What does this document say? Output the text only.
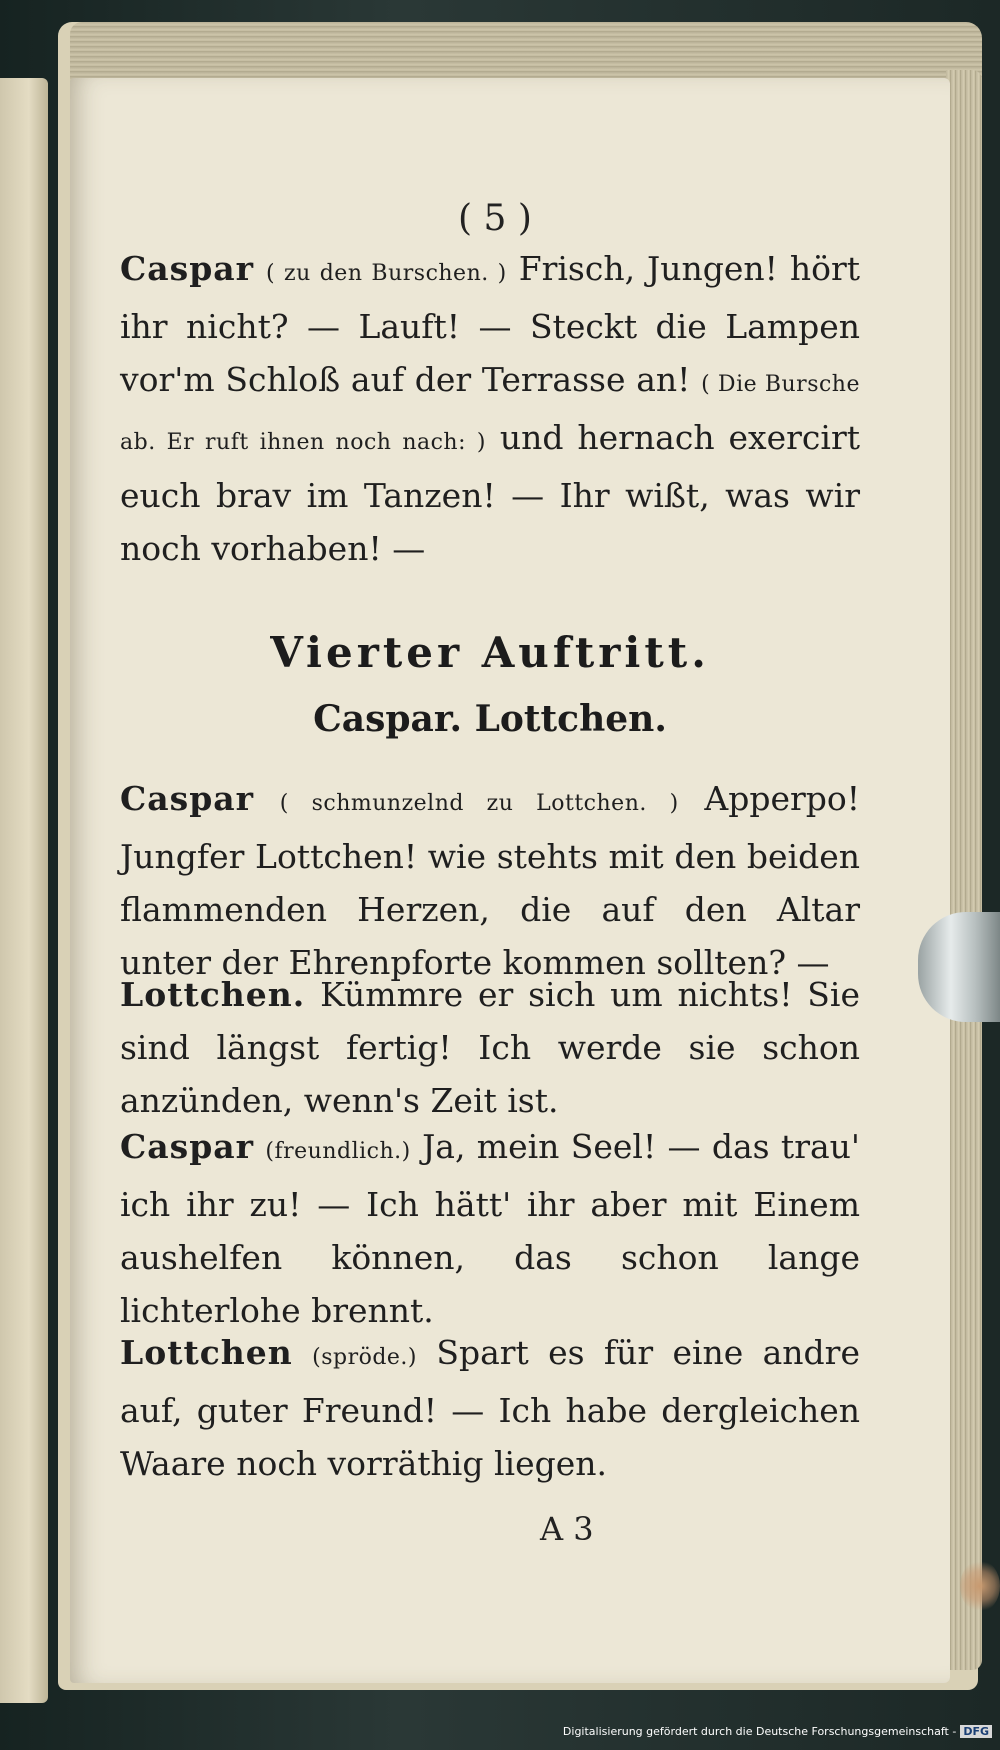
( 5 )
Caspar ( zu den Burschen. ) Frisch, Jungen! hört ihr nicht? — Lauft! — Steckt die Lampen vor'm Schloß auf der Terrasse an! ( Die Bursche ab. Er ruft ihnen noch nach: ) und hernach exercirt euch brav im Tanzen! — Ihr wißt, was wir noch vorhaben! —
Vierter Auftritt.
Caspar. Lottchen.
Caspar ( schmunzelnd zu Lottchen. ) Apperpo! Jungfer Lottchen! wie stehts mit den beiden flammenden Herzen, die auf den Altar unter der Ehrenpforte kommen sollten? —
Lottchen. Kümmre er sich um nichts! Sie sind längst fertig! Ich werde sie schon anzünden, wenn's Zeit ist.
Caspar (freundlich.) Ja, mein Seel! — das trau' ich ihr zu! — Ich hätt' ihr aber mit Einem aushelfen können, das schon lange lichterlohe brennt.
Lottchen (spröde.) Spart es für eine andre auf, guter Freund! — Ich habe dergleichen Waare noch vorräthig liegen.
A 3
Digitalisierung gefördert durch die Deutsche Forschungsgemeinschaft - DFG
